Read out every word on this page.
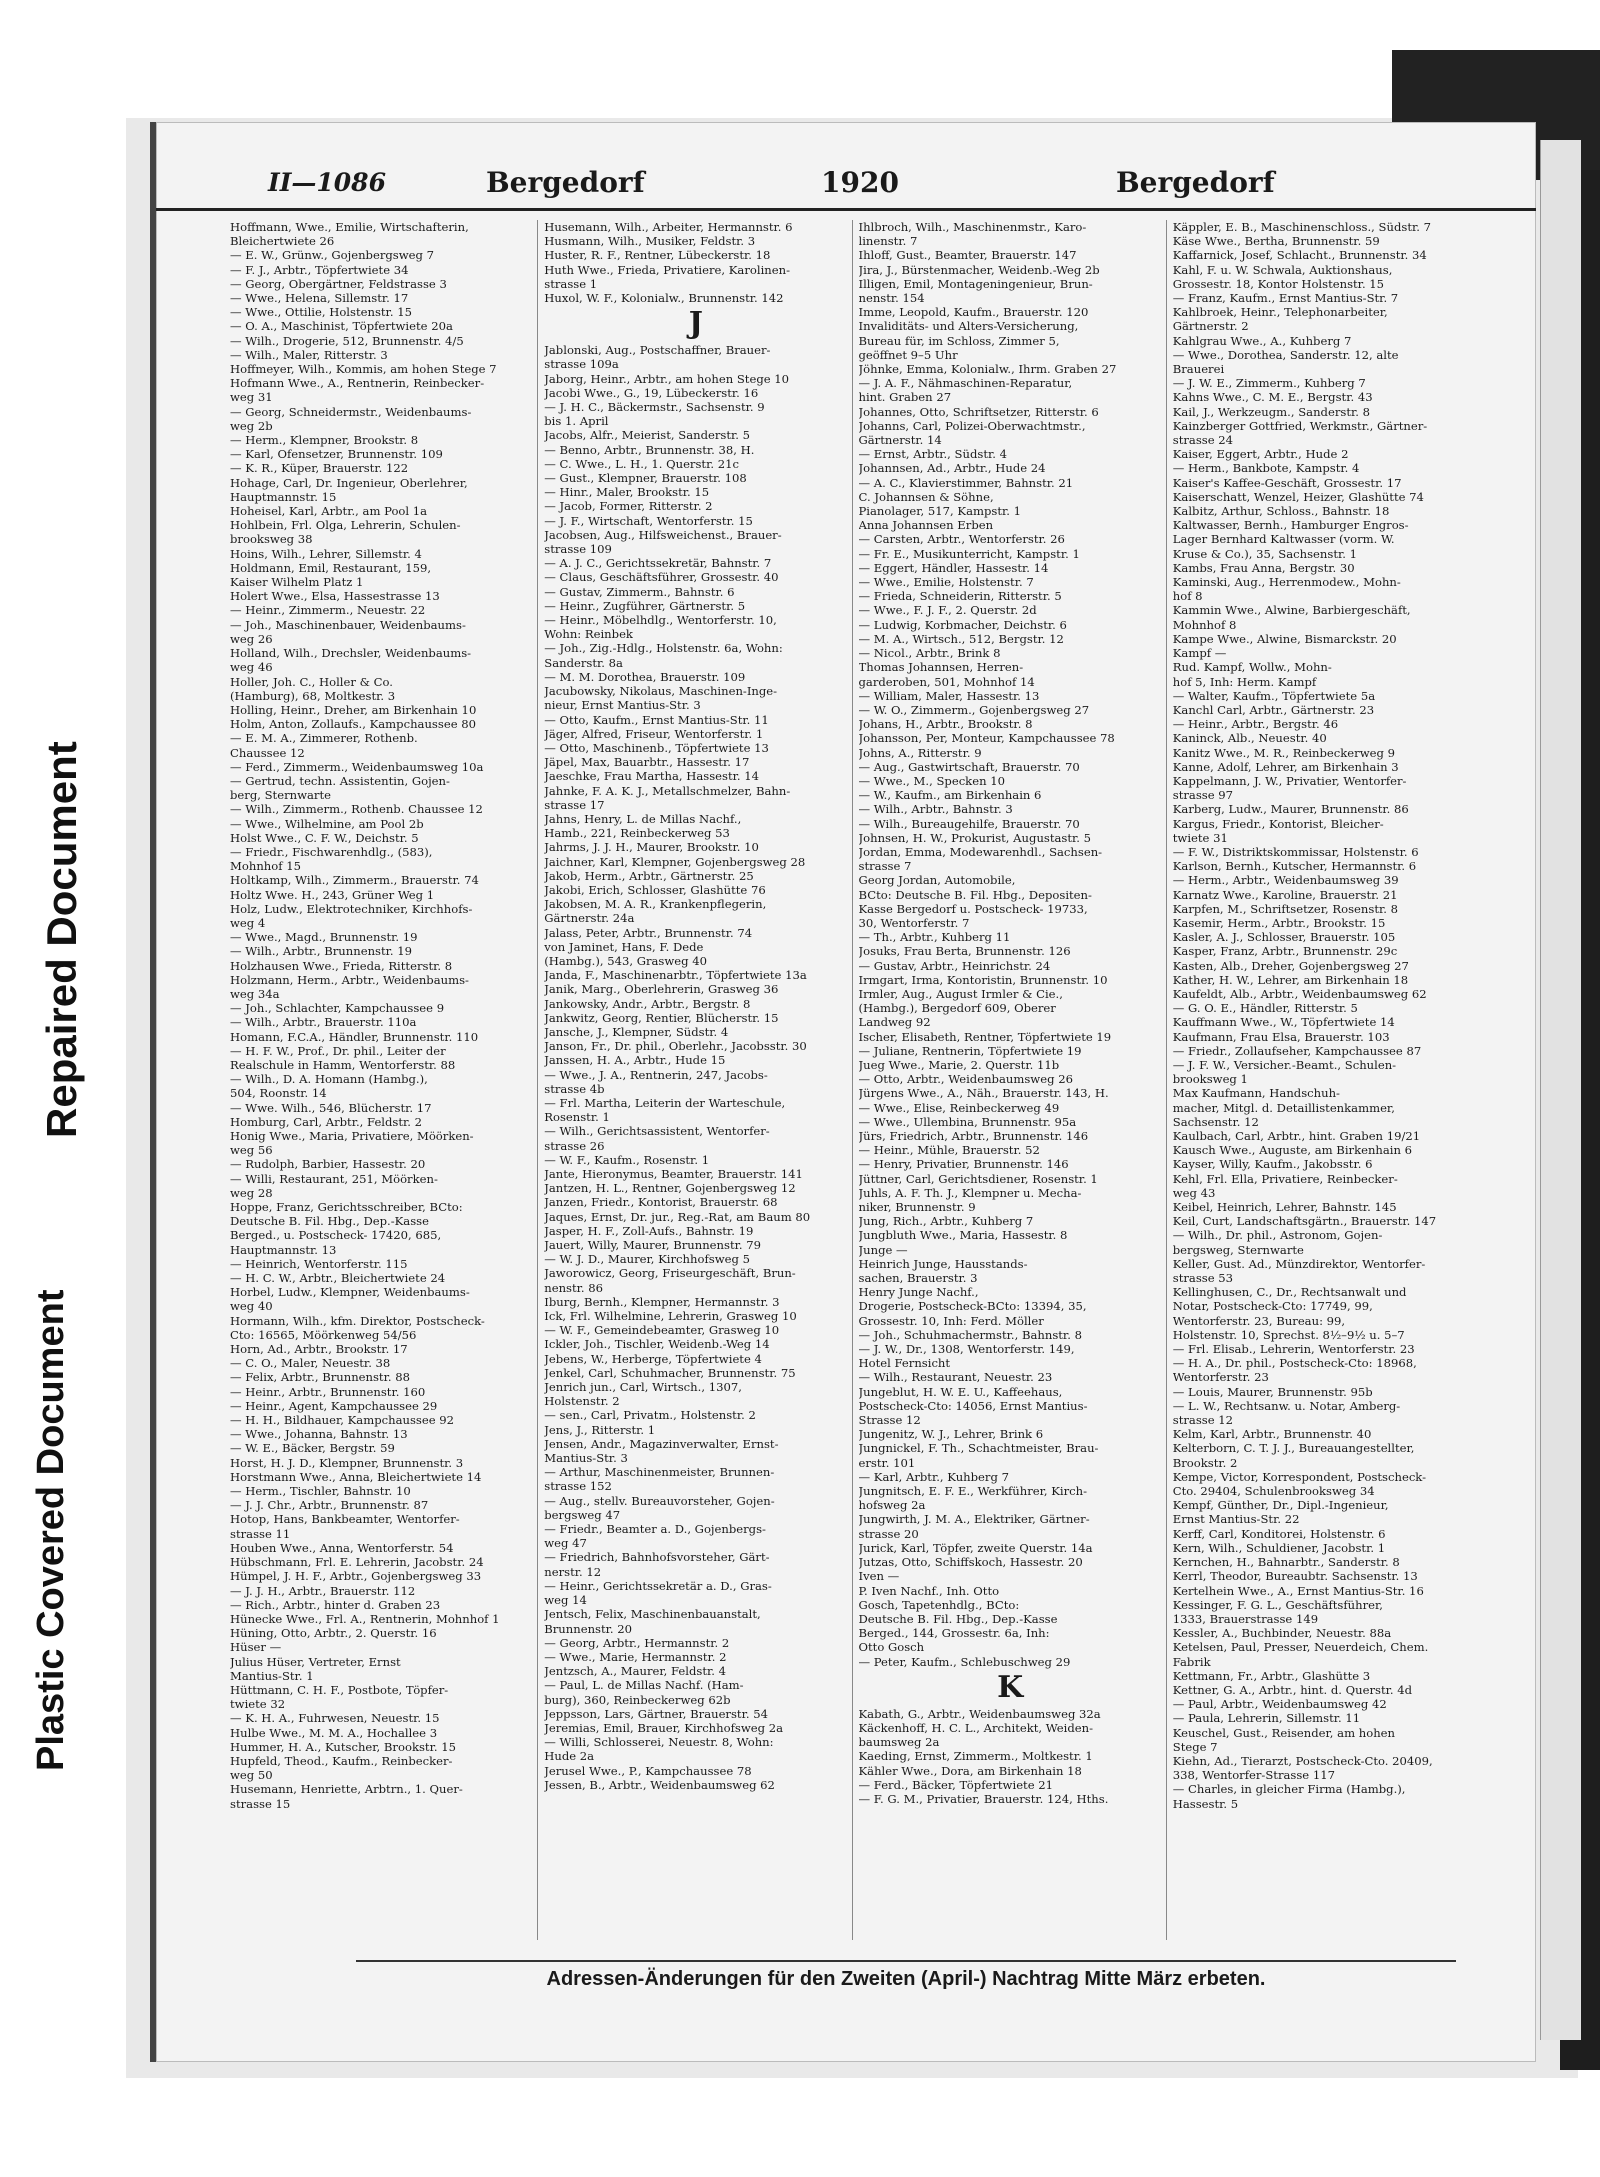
Repaired Document
Plastic Covered Document
II—1086	Bergedorf	1920	Bergedorf
Hoffmann, Wwe., Emilie, Wirtschafterin,
Bleichertwiete 26
— E. W., Grünw., Gojenbergsweg 7
— F. J., Arbtr., Töpfertwiete 34
— Georg, Obergärtner, Feldstrasse 3
— Wwe., Helena, Sillemstr. 17
— Wwe., Ottilie, Holstenstr. 15
— O. A., Maschinist, Töpfertwiete 20a
— Wilh., Drogerie, 512, Brunnenstr. 4/5
— Wilh., Maler, Ritterstr. 3
Hoffmeyer, Wilh., Kommis, am hohen Stege 7
Hofmann Wwe., A., Rentnerin, Reinbecker-
weg 31
— Georg, Schneidermstr., Weidenbaums-
weg 2b
— Herm., Klempner, Brookstr. 8
— Karl, Ofensetzer, Brunnenstr. 109
— K. R., Küper, Brauerstr. 122
Hohage, Carl, Dr. Ingenieur, Oberlehrer,
Hauptmannstr. 15
Hoheisel, Karl, Arbtr., am Pool 1a
Hohlbein, Frl. Olga, Lehrerin, Schulen-
brooksweg 38
Hoins, Wilh., Lehrer, Sillemstr. 4
Holdmann, Emil, Restaurant, 159,
Kaiser Wilhelm Platz 1
Holert Wwe., Elsa, Hassestrasse 13
— Heinr., Zimmerm., Neuestr. 22
— Joh., Maschinenbauer, Weidenbaums-
weg 26
Holland, Wilh., Drechsler, Weidenbaums-
weg 46
Holler, Joh. C., Holler & Co.
(Hamburg), 68, Moltkestr. 3
Holling, Heinr., Dreher, am Birkenhain 10
Holm, Anton, Zollaufs., Kampchaussee 80
— E. M. A., Zimmerer, Rothenb.
Chaussee 12
— Ferd., Zimmerm., Weidenbaumsweg 10a
— Gertrud, techn. Assistentin, Gojen-
berg, Sternwarte
— Wilh., Zimmerm., Rothenb. Chaussee 12
— Wwe., Wilhelmine, am Pool 2b
Holst Wwe., C. F. W., Deichstr. 5
— Friedr., Fischwarenhdlg., (583),
Mohnhof 15
Holtkamp, Wilh., Zimmerm., Brauerstr. 74
Holtz Wwe. H., 243, Grüner Weg 1
Holz, Ludw., Elektrotechniker, Kirchhofs-
weg 4
— Wwe., Magd., Brunnenstr. 19
— Wilh., Arbtr., Brunnenstr. 19
Holzhausen Wwe., Frieda, Ritterstr. 8
Holzmann, Herm., Arbtr., Weidenbaums-
weg 34a
— Joh., Schlachter, Kampchaussee 9
— Wilh., Arbtr., Brauerstr. 110a
Homann, F.C.A., Händler, Brunnenstr. 110
— H. F. W., Prof., Dr. phil., Leiter der
Realschule in Hamm, Wentorferstr. 88
— Wilh., D. A. Homann (Hambg.),
504, Roonstr. 14
— Wwe. Wilh., 546, Blücherstr. 17
Homburg, Carl, Arbtr., Feldstr. 2
Honig Wwe., Maria, Privatiere, Möörken-
weg 56
— Rudolph, Barbier, Hassestr. 20
— Willi, Restaurant, 251, Möörken-
weg 28
Hoppe, Franz, Gerichtsschreiber, BCto:
Deutsche B. Fil. Hbg., Dep.-Kasse
Berged., u. Postscheck- 17420, 685,
Hauptmannstr. 13
— Heinrich, Wentorferstr. 115
— H. C. W., Arbtr., Bleichertwiete 24
Horbel, Ludw., Klempner, Weidenbaums-
weg 40
Hormann, Wilh., kfm. Direktor, Postscheck-
Cto: 16565, Möörkenweg 54/56
Horn, Ad., Arbtr., Brookstr. 17
— C. O., Maler, Neuestr. 38
— Felix, Arbtr., Brunnenstr. 88
— Heinr., Arbtr., Brunnenstr. 160
— Heinr., Agent, Kampchaussee 29
— H. H., Bildhauer, Kampchaussee 92
— Wwe., Johanna, Bahnstr. 13
— W. E., Bäcker, Bergstr. 59
Horst, H. J. D., Klempner, Brunnenstr. 3
Horstmann Wwe., Anna, Bleichertwiete 14
— Herm., Tischler, Bahnstr. 10
— J. J. Chr., Arbtr., Brunnenstr. 87
Hotop, Hans, Bankbeamter, Wentorfer-
strasse 11
Houben Wwe., Anna, Wentorferstr. 54
Hübschmann, Frl. E. Lehrerin, Jacobstr. 24
Hümpel, J. H. F., Arbtr., Gojenbergsweg 33
— J. J. H., Arbtr., Brauerstr. 112
— Rich., Arbtr., hinter d. Graben 23
Hünecke Wwe., Frl. A., Rentnerin, Mohnhof 1
Hüning, Otto, Arbtr., 2. Querstr. 16
Hüser —
Julius Hüser, Vertreter, Ernst
Mantius-Str. 1
Hüttmann, C. H. F., Postbote, Töpfer-
twiete 32
— K. H. A., Fuhrwesen, Neuestr. 15
Hulbe Wwe., M. M. A., Hochallee 3
Hummer, H. A., Kutscher, Brookstr. 15
Hupfeld, Theod., Kaufm., Reinbecker-
weg 50
Husemann, Henriette, Arbtrn., 1. Quer-
strasse 15
Husemann, Wilh., Arbeiter, Hermannstr. 6
Husmann, Wilh., Musiker, Feldstr. 3
Huster, R. F., Rentner, Lübeckerstr. 18
Huth Wwe., Frieda, Privatiere, Karolinen-
strasse 1
Huxol, W. F., Kolonialw., Brunnenstr. 142
J
Jablonski, Aug., Postschaffner, Brauer-
strasse 109a
Jaborg, Heinr., Arbtr., am hohen Stege 10
Jacobi Wwe., G., 19, Lübeckerstr. 16
— J. H. C., Bäckermstr., Sachsenstr. 9
bis 1. April
Jacobs, Alfr., Meierist, Sanderstr. 5
— Benno, Arbtr., Brunnenstr. 38, H.
— C. Wwe., L. H., 1. Querstr. 21c
— Gust., Klempner, Brauerstr. 108
— Hinr., Maler, Brookstr. 15
— Jacob, Former, Ritterstr. 2
— J. F., Wirtschaft, Wentorferstr. 15
Jacobsen, Aug., Hilfsweichenst., Brauer-
strasse 109
— A. J. C., Gerichtssekretär, Bahnstr. 7
— Claus, Geschäftsführer, Grossestr. 40
— Gustav, Zimmerm., Bahnstr. 6
— Heinr., Zugführer, Gärtnerstr. 5
— Heinr., Möbelhdlg., Wentorferstr. 10,
Wohn: Reinbek
— Joh., Zig.-Hdlg., Holstenstr. 6a, Wohn:
Sanderstr. 8a
— M. M. Dorothea, Brauerstr. 109
Jacubowsky, Nikolaus, Maschinen-Inge-
nieur, Ernst Mantius-Str. 3
— Otto, Kaufm., Ernst Mantius-Str. 11
Jäger, Alfred, Friseur, Wentorferstr. 1
— Otto, Maschinenb., Töpfertwiete 13
Jäpel, Max, Bauarbtr., Hassestr. 17
Jaeschke, Frau Martha, Hassestr. 14
Jahnke, F. A. K. J., Metallschmelzer, Bahn-
strasse 17
Jahns, Henry, L. de Millas Nachf.,
Hamb., 221, Reinbeckerweg 53
Jahrms, J. J. H., Maurer, Brookstr. 10
Jaichner, Karl, Klempner, Gojenbergsweg 28
Jakob, Herm., Arbtr., Gärtnerstr. 25
Jakobi, Erich, Schlosser, Glashütte 76
Jakobsen, M. A. R., Krankenpflegerin,
Gärtnerstr. 24a
Jalass, Peter, Arbtr., Brunnenstr. 74
von Jaminet, Hans, F. Dede
(Hambg.), 543, Grasweg 40
Janda, F., Maschinenarbtr., Töpfertwiete 13a
Janik, Marg., Oberlehrerin, Grasweg 36
Jankowsky, Andr., Arbtr., Bergstr. 8
Jankwitz, Georg, Rentier, Blücherstr. 15
Jansche, J., Klempner, Südstr. 4
Janson, Fr., Dr. phil., Oberlehr., Jacobsstr. 30
Janssen, H. A., Arbtr., Hude 15
— Wwe., J. A., Rentnerin, 247, Jacobs-
strasse 4b
— Frl. Martha, Leiterin der Warteschule,
Rosenstr. 1
— Wilh., Gerichtsassistent, Wentorfer-
strasse 26
— W. F., Kaufm., Rosenstr. 1
Jante, Hieronymus, Beamter, Brauerstr. 141
Jantzen, H. L., Rentner, Gojenbergsweg 12
Janzen, Friedr., Kontorist, Brauerstr. 68
Jaques, Ernst, Dr. jur., Reg.-Rat, am Baum 80
Jasper, H. F., Zoll-Aufs., Bahnstr. 19
Jauert, Willy, Maurer, Brunnenstr. 79
— W. J. D., Maurer, Kirchhofsweg 5
Jaworowicz, Georg, Friseurgeschäft, Brun-
nenstr. 86
Iburg, Bernh., Klempner, Hermannstr. 3
Ick, Frl. Wilhelmine, Lehrerin, Grasweg 10
— W. F., Gemeindebeamter, Grasweg 10
Ickler, Joh., Tischler, Weidenb.-Weg 14
Jebens, W., Herberge, Töpfertwiete 4
Jenkel, Carl, Schuhmacher, Brunnenstr. 75
Jenrich jun., Carl, Wirtsch., 1307,
Holstenstr. 2
— sen., Carl, Privatm., Holstenstr. 2
Jens, J., Ritterstr. 1
Jensen, Andr., Magazinverwalter, Ernst-
Mantius-Str. 3
— Arthur, Maschinenmeister, Brunnen-
strasse 152
— Aug., stellv. Bureauvorsteher, Gojen-
bergsweg 47
— Friedr., Beamter a. D., Gojenbergs-
weg 47
— Friedrich, Bahnhofsvorsteher, Gärt-
nerstr. 12
— Heinr., Gerichtssekretär a. D., Gras-
weg 14
Jentsch, Felix, Maschinenbauanstalt,
Brunnenstr. 20
— Georg, Arbtr., Hermannstr. 2
— Wwe., Marie, Hermannstr. 2
Jentzsch, A., Maurer, Feldstr. 4
— Paul, L. de Millas Nachf. (Ham-
burg), 360, Reinbeckerweg 62b
Jeppsson, Lars, Gärtner, Brauerstr. 54
Jeremias, Emil, Brauer, Kirchhofsweg 2a
— Willi, Schlosserei, Neuestr. 8, Wohn:
Hude 2a
Jerusel Wwe., P., Kampchaussee 78
Jessen, B., Arbtr., Weidenbaumsweg 62
Ihlbroch, Wilh., Maschinenmstr., Karo-
linenstr. 7
Ihloff, Gust., Beamter, Brauerstr. 147
Jira, J., Bürstenmacher, Weidenb.-Weg 2b
Illigen, Emil, Montageningenieur, Brun-
nenstr. 154
Imme, Leopold, Kaufm., Brauerstr. 120
Invaliditäts- und Alters-Versicherung,
Bureau für, im Schloss, Zimmer 5,
geöffnet 9–5 Uhr
Jöhnke, Emma, Kolonialw., Ihrm. Graben 27
— J. A. F., Nähmaschinen-Reparatur,
hint. Graben 27
Johannes, Otto, Schriftsetzer, Ritterstr. 6
Johanns, Carl, Polizei-Oberwachtmstr.,
Gärtnerstr. 14
— Ernst, Arbtr., Südstr. 4
Johannsen, Ad., Arbtr., Hude 24
— A. C., Klavierstimmer, Bahnstr. 21
C. Johannsen & Söhne,
Pianolager, 517, Kampstr. 1
Anna Johannsen Erben
— Carsten, Arbtr., Wentorferstr. 26
— Fr. E., Musikunterricht, Kampstr. 1
— Eggert, Händler, Hassestr. 14
— Wwe., Emilie, Holstenstr. 7
— Frieda, Schneiderin, Ritterstr. 5
— Wwe., F. J. F., 2. Querstr. 2d
— Ludwig, Korbmacher, Deichstr. 6
— M. A., Wirtsch., 512, Bergstr. 12
— Nicol., Arbtr., Brink 8
Thomas Johannsen, Herren-
garderoben, 501, Mohnhof 14
— William, Maler, Hassestr. 13
— W. O., Zimmerm., Gojenbergsweg 27
Johans, H., Arbtr., Brookstr. 8
Johansson, Per, Monteur, Kampchaussee 78
Johns, A., Ritterstr. 9
— Aug., Gastwirtschaft, Brauerstr. 70
— Wwe., M., Specken 10
— W., Kaufm., am Birkenhain 6
— Wilh., Arbtr., Bahnstr. 3
— Wilh., Bureaugehilfe, Brauerstr. 70
Johnsen, H. W., Prokurist, Augustastr. 5
Jordan, Emma, Modewarenhdl., Sachsen-
strasse 7
Georg Jordan, Automobile,
BCto: Deutsche B. Fil. Hbg., Depositen-
Kasse Bergedorf u. Postscheck- 19733,
30, Wentorferstr. 7
— Th., Arbtr., Kuhberg 11
Josuks, Frau Berta, Brunnenstr. 126
— Gustav, Arbtr., Heinrichstr. 24
Irmgart, Irma, Kontoristin, Brunnenstr. 10
Irmler, Aug., August Irmler & Cie.,
(Hambg.), Bergedorf 609, Oberer
Landweg 92
Ischer, Elisabeth, Rentner, Töpfertwiete 19
— Juliane, Rentnerin, Töpfertwiete 19
Jueg Wwe., Marie, 2. Querstr. 11b
— Otto, Arbtr., Weidenbaumsweg 26
Jürgens Wwe., A., Näh., Brauerstr. 143, H.
— Wwe., Elise, Reinbeckerweg 49
— Wwe., Ullembina, Brunnenstr. 95a
Jürs, Friedrich, Arbtr., Brunnenstr. 146
— Heinr., Mühle, Brauerstr. 52
— Henry, Privatier, Brunnenstr. 146
Jüttner, Carl, Gerichtsdiener, Rosenstr. 1
Juhls, A. F. Th. J., Klempner u. Mecha-
niker, Brunnenstr. 9
Jung, Rich., Arbtr., Kuhberg 7
Jungbluth Wwe., Maria, Hassestr. 8
Junge —
Heinrich Junge, Hausstands-
sachen, Brauerstr. 3
Henry Junge Nachf.,
Drogerie, Postscheck-BCto: 13394, 35,
Grossestr. 10, Inh: Ferd. Möller
— Joh., Schuhmachermstr., Bahnstr. 8
— J. W., Dr., 1308, Wentorferstr. 149,
Hotel Fernsicht
— Wilh., Restaurant, Neuestr. 23
Jungeblut, H. W. E. U., Kaffeehaus,
Postscheck-Cto: 14056, Ernst Mantius-
Strasse 12
Jungenitz, W. J., Lehrer, Brink 6
Jungnickel, F. Th., Schachtmeister, Brau-
erstr. 101
— Karl, Arbtr., Kuhberg 7
Jungnitsch, E. F. E., Werkführer, Kirch-
hofsweg 2a
Jungwirth, J. M. A., Elektriker, Gärtner-
strasse 20
Jurick, Karl, Töpfer, zweite Querstr. 14a
Jutzas, Otto, Schiffskoch, Hassestr. 20
Iven —
P. Iven Nachf., Inh. Otto
Gosch, Tapetenhdlg., BCto:
Deutsche B. Fil. Hbg., Dep.-Kasse
Berged., 144, Grossestr. 6a, Inh:
Otto Gosch
— Peter, Kaufm., Schlebuschweg 29
K
Kabath, G., Arbtr., Weidenbaumsweg 32a
Käckenhoff, H. C. L., Architekt, Weiden-
baumsweg 2a
Kaeding, Ernst, Zimmerm., Moltkestr. 1
Kähler Wwe., Dora, am Birkenhain 18
— Ferd., Bäcker, Töpfertwiete 21
— F. G. M., Privatier, Brauerstr. 124, Hths.
Käppler, E. B., Maschinenschloss., Südstr. 7
Käse Wwe., Bertha, Brunnenstr. 59
Kaffarnick, Josef, Schlacht., Brunnenstr. 34
Kahl, F. u. W. Schwala, Auktionshaus,
Grossestr. 18, Kontor Holstenstr. 15
— Franz, Kaufm., Ernst Mantius-Str. 7
Kahlbroek, Heinr., Telephonarbeiter,
Gärtnerstr. 2
Kahlgrau Wwe., A., Kuhberg 7
— Wwe., Dorothea, Sanderstr. 12, alte
Brauerei
— J. W. E., Zimmerm., Kuhberg 7
Kahns Wwe., C. M. E., Bergstr. 43
Kail, J., Werkzeugm., Sanderstr. 8
Kainzberger Gottfried, Werkmstr., Gärtner-
strasse 24
Kaiser, Eggert, Arbtr., Hude 2
— Herm., Bankbote, Kampstr. 4
Kaiser's Kaffee-Geschäft, Grossestr. 17
Kaiserschatt, Wenzel, Heizer, Glashütte 74
Kalbitz, Arthur, Schloss., Bahnstr. 18
Kaltwasser, Bernh., Hamburger Engros-
Lager Bernhard Kaltwasser (vorm. W.
Kruse & Co.), 35, Sachsenstr. 1
Kambs, Frau Anna, Bergstr. 30
Kaminski, Aug., Herrenmodew., Mohn-
hof 8
Kammin Wwe., Alwine, Barbiergeschäft,
Mohnhof 8
Kampe Wwe., Alwine, Bismarckstr. 20
Kampf —
Rud. Kampf, Wollw., Mohn-
hof 5, Inh: Herm. Kampf
— Walter, Kaufm., Töpfertwiete 5a
Kanchl Carl, Arbtr., Gärtnerstr. 23
— Heinr., Arbtr., Bergstr. 46
Kaninck, Alb., Neuestr. 40
Kanitz Wwe., M. R., Reinbeckerweg 9
Kanne, Adolf, Lehrer, am Birkenhain 3
Kappelmann, J. W., Privatier, Wentorfer-
strasse 97
Karberg, Ludw., Maurer, Brunnenstr. 86
Kargus, Friedr., Kontorist, Bleicher-
twiete 31
— F. W., Distriktskommissar, Holstenstr. 6
Karlson, Bernh., Kutscher, Hermannstr. 6
— Herm., Arbtr., Weidenbaumsweg 39
Karnatz Wwe., Karoline, Brauerstr. 21
Karpfen, M., Schriftsetzer, Rosenstr. 8
Kasemir, Herm., Arbtr., Brookstr. 15
Kasler, A. J., Schlosser, Brauerstr. 105
Kasper, Franz, Arbtr., Brunnenstr. 29c
Kasten, Alb., Dreher, Gojenbergsweg 27
Kather, H. W., Lehrer, am Birkenhain 18
Kaufeldt, Alb., Arbtr., Weidenbaumsweg 62
— G. O. E., Händler, Ritterstr. 5
Kauffmann Wwe., W., Töpfertwiete 14
Kaufmann, Frau Elsa, Brauerstr. 103
— Friedr., Zollaufseher, Kampchaussee 87
— J. F. W., Versicher.-Beamt., Schulen-
brooksweg 1
Max Kaufmann, Handschuh-
macher, Mitgl. d. Detaillistenkammer,
Sachsenstr. 12
Kaulbach, Carl, Arbtr., hint. Graben 19/21
Kausch Wwe., Auguste, am Birkenhain 6
Kayser, Willy, Kaufm., Jakobsstr. 6
Kehl, Frl. Ella, Privatiere, Reinbecker-
weg 43
Keibel, Heinrich, Lehrer, Bahnstr. 145
Keil, Curt, Landschaftsgärtn., Brauerstr. 147
— Wilh., Dr. phil., Astronom, Gojen-
bergsweg, Sternwarte
Keller, Gust. Ad., Münzdirektor, Wentorfer-
strasse 53
Kellinghusen, C., Dr., Rechtsanwalt und
Notar, Postscheck-Cto: 17749, 99,
Wentorferstr. 23, Bureau: 99,
Holstenstr. 10, Sprechst. 8½–9½ u. 5–7
— Frl. Elisab., Lehrerin, Wentorferstr. 23
— H. A., Dr. phil., Postscheck-Cto: 18968,
Wentorferstr. 23
— Louis, Maurer, Brunnenstr. 95b
— L. W., Rechtsanw. u. Notar, Amberg-
strasse 12
Kelm, Karl, Arbtr., Brunnenstr. 40
Kelterborn, C. T. J. J., Bureauangestellter,
Brookstr. 2
Kempe, Victor, Korrespondent, Postscheck-
Cto. 29404, Schulenbrooksweg 34
Kempf, Günther, Dr., Dipl.-Ingenieur,
Ernst Mantius-Str. 22
Kerff, Carl, Konditorei, Holstenstr. 6
Kern, Wilh., Schuldiener, Jacobstr. 1
Kernchen, H., Bahnarbtr., Sanderstr. 8
Kerrl, Theodor, Bureaubtr. Sachsenstr. 13
Kertelhein Wwe., A., Ernst Mantius-Str. 16
Kessinger, F. G. L., Geschäftsführer,
1333, Brauerstrasse 149
Kessler, A., Buchbinder, Neuestr. 88a
Ketelsen, Paul, Presser, Neuerdeich, Chem.
Fabrik
Kettmann, Fr., Arbtr., Glashütte 3
Kettner, G. A., Arbtr., hint. d. Querstr. 4d
— Paul, Arbtr., Weidenbaumsweg 42
— Paula, Lehrerin, Sillemstr. 11
Keuschel, Gust., Reisender, am hohen
Stege 7
Kiehn, Ad., Tierarzt, Postscheck-Cto. 20409,
338, Wentorfer-Strasse 117
— Charles, in gleicher Firma (Hambg.),
Hassestr. 5
Adressen-Änderungen für den Zweiten (April-) Nachtrag Mitte März erbeten.
